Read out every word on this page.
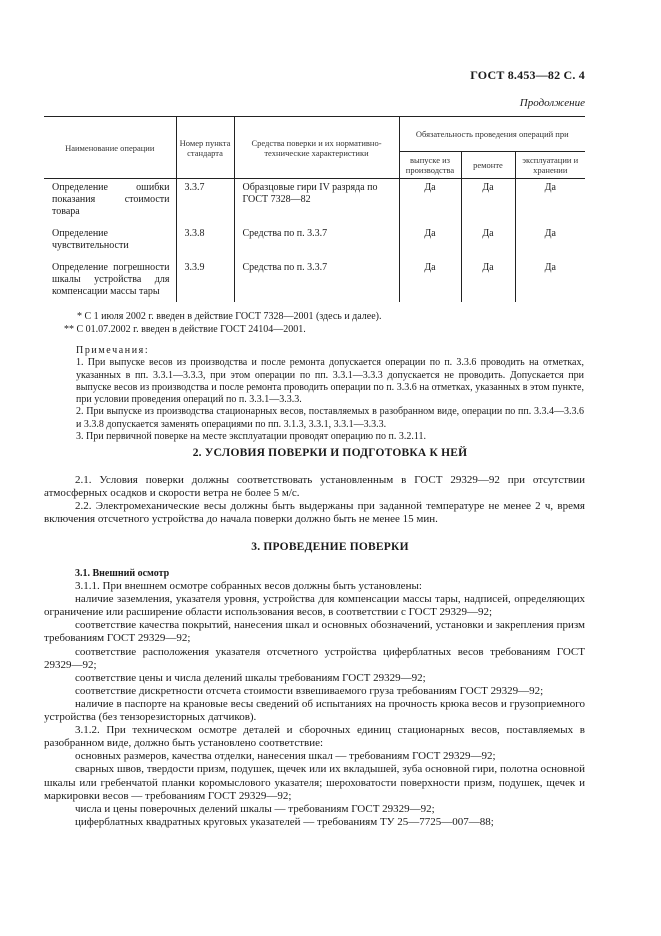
ГОСТ 8.453—82 С. 4
Продолжение
Наименование операции	Номер пункта стандарта	Средства поверки и их нормативно-технические характеристики	Обязательность проведения операций при		
			выпуске из производства	ремонте	эксплуатации и хранении
Определение ошибки показания стоимости товара	3.3.7	Образцовые гири IV разряда по ГОСТ 7328—82	Да	Да	Да
Определение чувствительности	3.3.8	Средства по п. 3.3.7	Да	Да	Да
Определение погрешности шкалы устройства для компенсации массы тары	3.3.9	Средства по п. 3.3.7	Да	Да	Да

* С 1 июля 2002 г. введен в действие ГОСТ 7328—2001 (здесь и далее).

** С 01.07.2002 г. введен в действие ГОСТ 24104—2001.

Примечания:

1. При выпуске весов из производства и после ремонта допускается операции по п. 3.3.6 проводить на отметках, указанных в пп. 3.3.1—3.3.3, при этом операции по пп. 3.3.1—3.3.3 допускается не проводить. Допускается при выпуске весов из производства и после ремонта проводить операции по п. 3.3.6 на отметках, указанных в этом пункте, при условии проведения операций по п. 3.3.1—3.3.3.

2. При выпуске из производства стационарных весов, поставляемых в разобранном виде, операции по пп. 3.3.4—3.3.6 и 3.3.8 допускается заменять операциями по пп. 3.1.3, 3.3.1, 3.3.1—3.3.3.

3. При первичной поверке на месте эксплуатации проводят операцию по п. 3.2.11.

2. УСЛОВИЯ ПОВЕРКИ И ПОДГОТОВКА К НЕЙ

2.1. Условия поверки должны соответствовать установленным в ГОСТ 29329—92 при отсутствии атмосферных осадков и скорости ветра не более 5 м/с.

2.2. Электромеханические весы должны быть выдержаны при заданной температуре не менее 2 ч, время включения отсчетного устройства до начала поверки должно быть не менее 15 мин.

3. ПРОВЕДЕНИЕ ПОВЕРКИ

3.1. Внешний осмотр

3.1.1. При внешнем осмотре собранных весов должны быть установлены:

наличие заземления, указателя уровня, устройства для компенсации массы тары, надписей, определяющих ограничение или расширение области использования весов, в соответствии с ГОСТ 29329—92;

соответствие качества покрытий, нанесения шкал и основных обозначений, установки и закрепления призм требованиям ГОСТ 29329—92;

соответствие расположения указателя отсчетного устройства циферблатных весов требованиям ГОСТ 29329—92;

соответствие цены и числа делений шкалы требованиям ГОСТ 29329—92;

соответствие дискретности отсчета стоимости взвешиваемого груза требованиям ГОСТ 29329—92;

наличие в паспорте на крановые весы сведений об испытаниях на прочность крюка весов и грузоприемного устройства (без тензорезисторных датчиков).

3.1.2. При техническом осмотре деталей и сборочных единиц стационарных весов, поставляемых в разобранном виде, должно быть установлено соответствие:

основных размеров, качества отделки, нанесения шкал — требованиям ГОСТ 29329—92;

сварных швов, твердости призм, подушек, щечек или их вкладышей, зуба основной гири, полотна основной шкалы или гребенчатой планки коромыслового указателя; шероховатости поверхности призм, подушек, щечек и маркировки весов — требованиям ГОСТ 29329—92;

числа и цены поверочных делений шкалы — требованиям ГОСТ 29329—92;

циферблатных квадратных круговых указателей — требованиям ТУ 25—7725—007—88;
